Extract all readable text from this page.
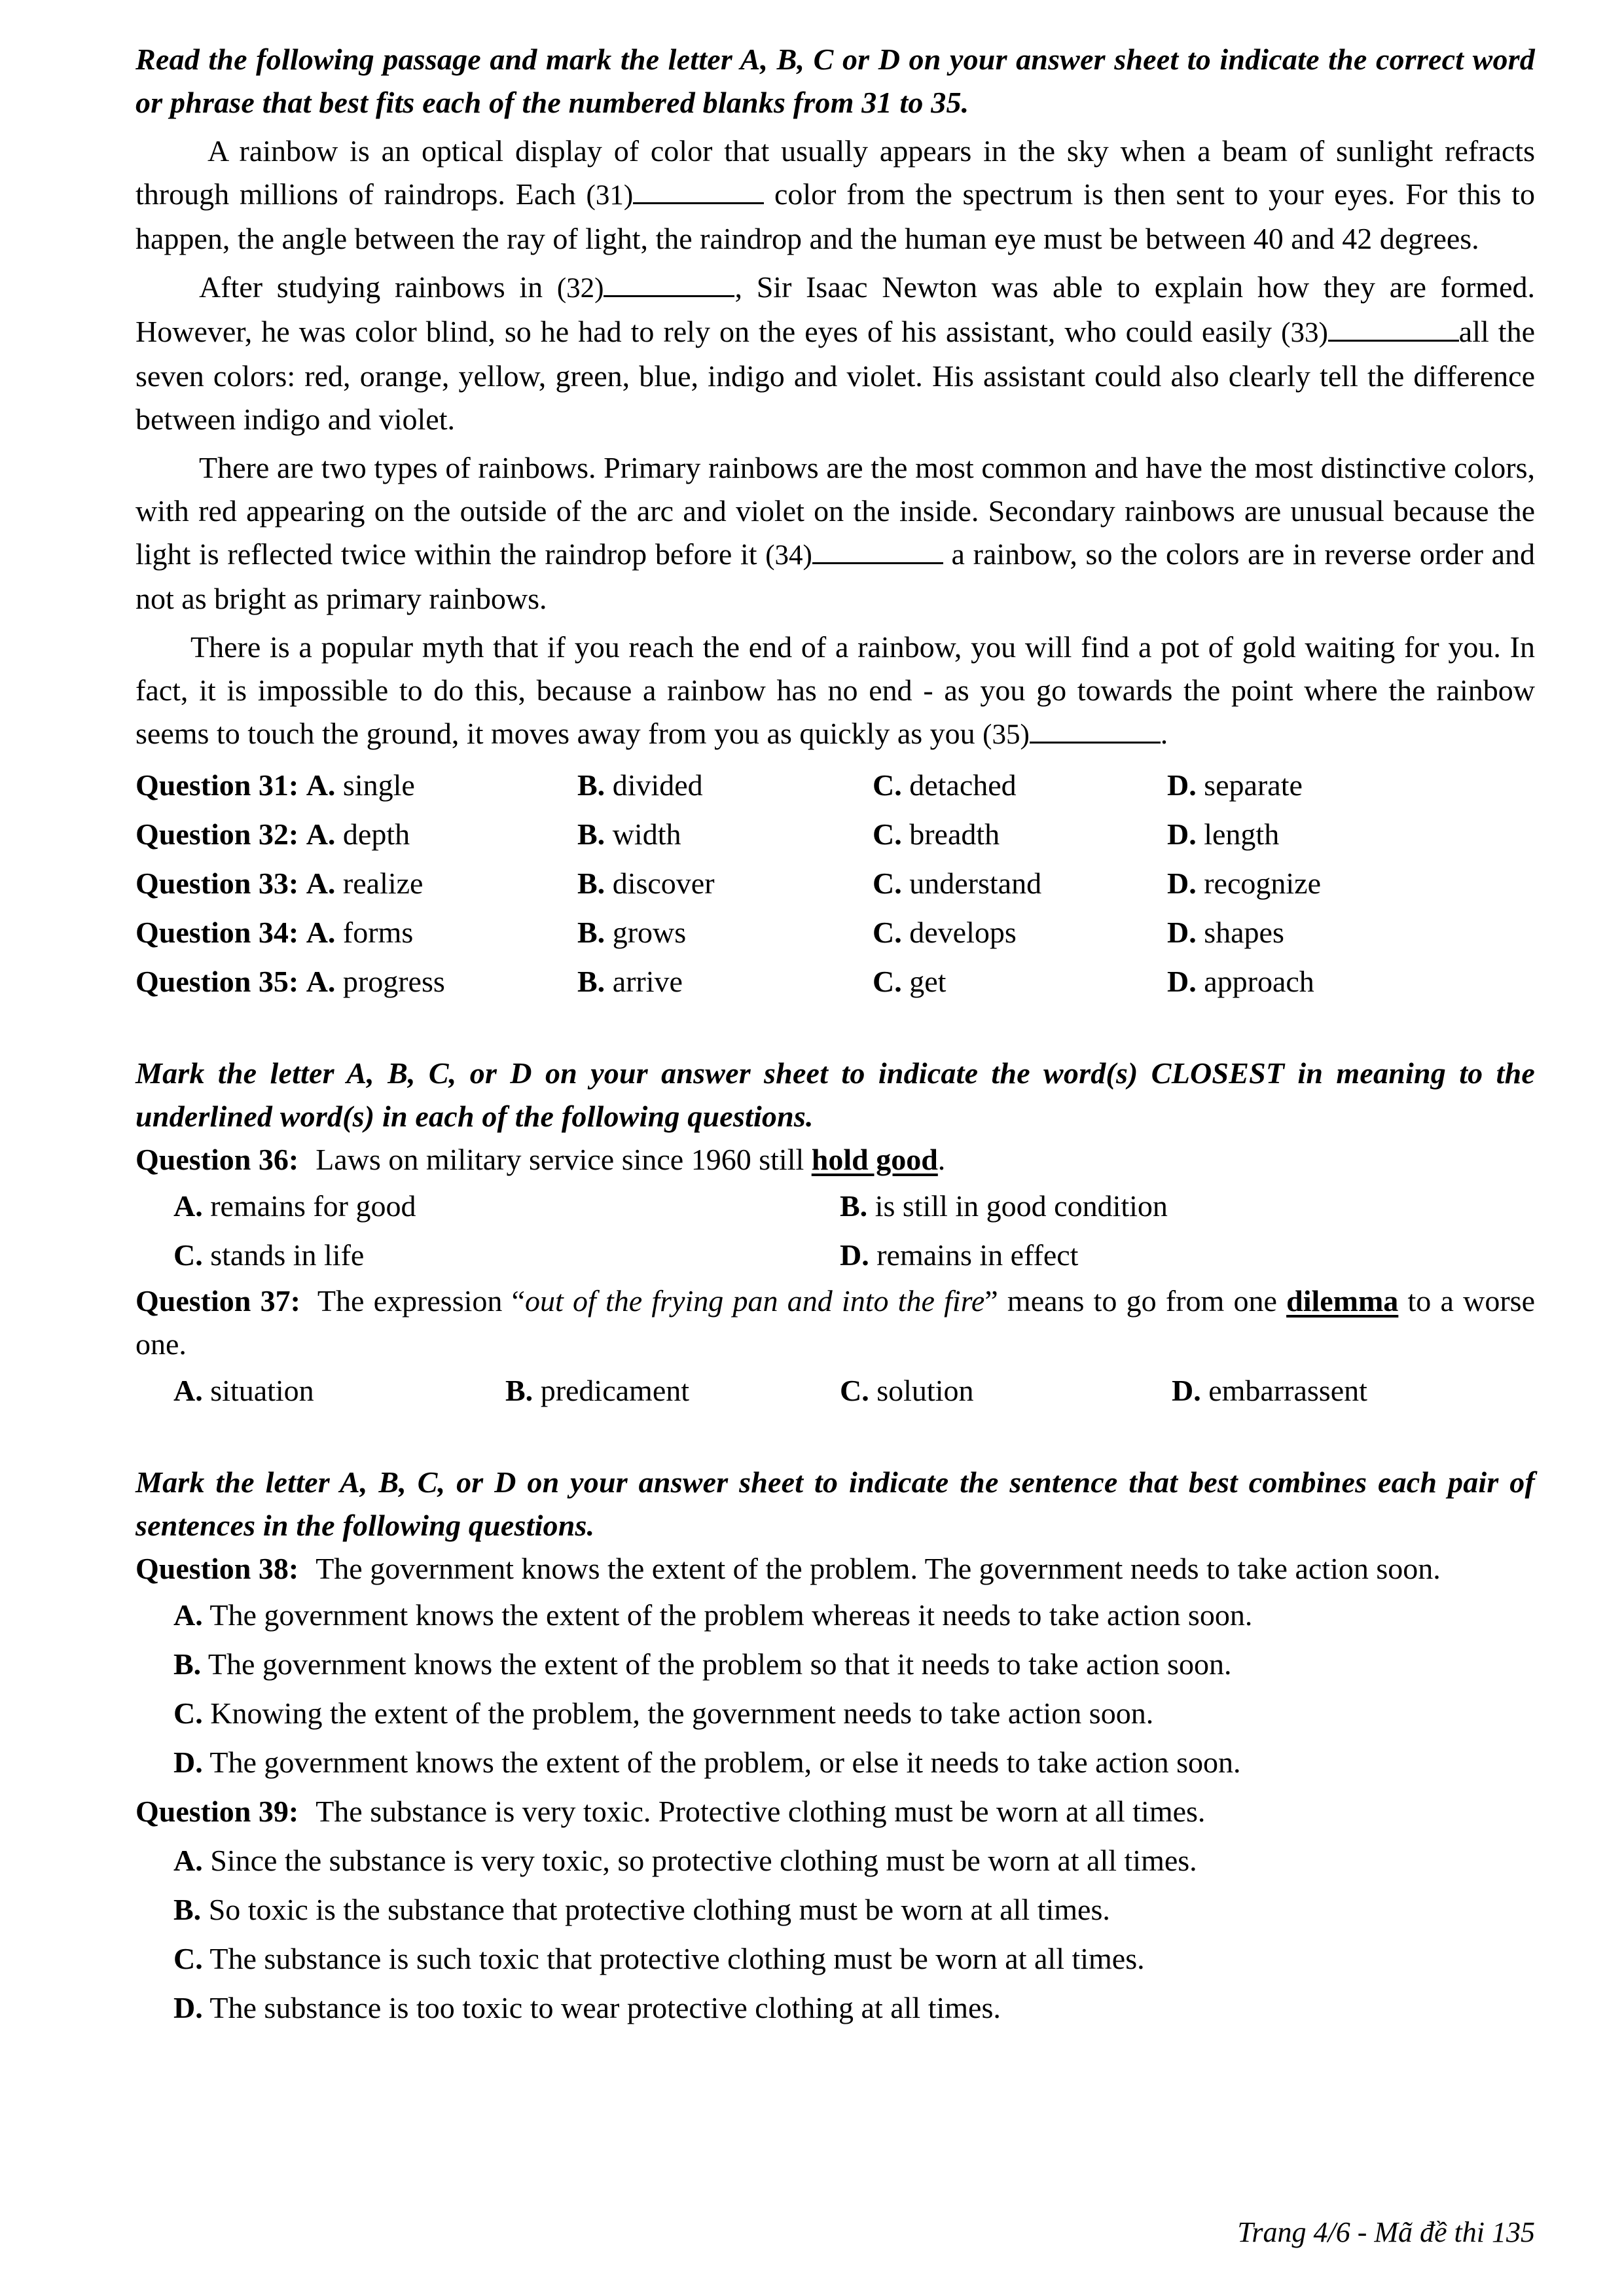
Read the following passage and mark the letter A, B, C or D on your answer sheet to indicate the correct word or phrase that best fits each of the numbered blanks from 31 to 35.

A rainbow is an optical display of color that usually appears in the sky when a beam of sunlight refracts through millions of raindrops. Each (31)	color from the spectrum is then sent to your eyes. For this to happen, the angle between the ray of light, the raindrop and the human eye must be between 40 and 42 degrees.

After studying rainbows in (32)	, Sir Isaac Newton was able to explain how they are formed. However, he was color blind, so he had to rely on the eyes of his assistant, who could easily (33)	all the seven colors: red, orange, yellow, green, blue, indigo and violet. His assistant could also clearly tell the difference between indigo and violet.

There are two types of rainbows. Primary rainbows are the most common and have the most distinctive colors, with red appearing on the outside of the arc and violet on the inside. Secondary rainbows are unusual because the light is reflected twice within the raindrop before it (34)	a rainbow, so the colors are in reverse order and not as bright as primary rainbows.

There is a popular myth that if you reach the end of a rainbow, you will find a pot of gold waiting for you. In fact, it is impossible to do this, because a rainbow has no end - as you go towards the point where the rainbow seems to touch the ground, it moves away from you as quickly as you (35)	.

Question 31: A. single	B. divided	C. detached	D. separate
Question 32: A. depth	B. width	C. breadth	D. length
Question 33: A. realize	B. discover	C. understand	D. recognize
Question 34: A. forms	B. grows	C. develops	D. shapes
Question 35: A. progress	B. arrive	C. get	D. approach

Mark the letter A, B, C, or D on your answer sheet to indicate the word(s) CLOSEST in meaning to the underlined word(s) in each of the following questions.

Question 36: Laws on military service since 1960 still hold good.

A. remains for good	B. is still in good condition
C. stands in life	D. remains in effect

Question 37: The expression “out of the frying pan and into the fire” means to go from one dilemma to a worse one.

A. situation	B. predicament	C. solution	D. embarrassent

Mark the letter A, B, C, or D on your answer sheet to indicate the sentence that best combines each pair of sentences in the following questions.

Question 38: The government knows the extent of the problem. The government needs to take action soon.

A. The government knows the extent of the problem whereas it needs to take action soon.
B. The government knows the extent of the problem so that it needs to take action soon.
C. Knowing the extent of the problem, the government needs to take action soon.
D. The government knows the extent of the problem, or else it needs to take action soon.

Question 39: The substance is very toxic. Protective clothing must be worn at all times.

A. Since the substance is very toxic, so protective clothing must be worn at all times.
B. So toxic is the substance that protective clothing must be worn at all times.
C. The substance is such toxic that protective clothing must be worn at all times.
D. The substance is too toxic to wear protective clothing at all times.
Trang 4/6 - Mã đề thi 135
